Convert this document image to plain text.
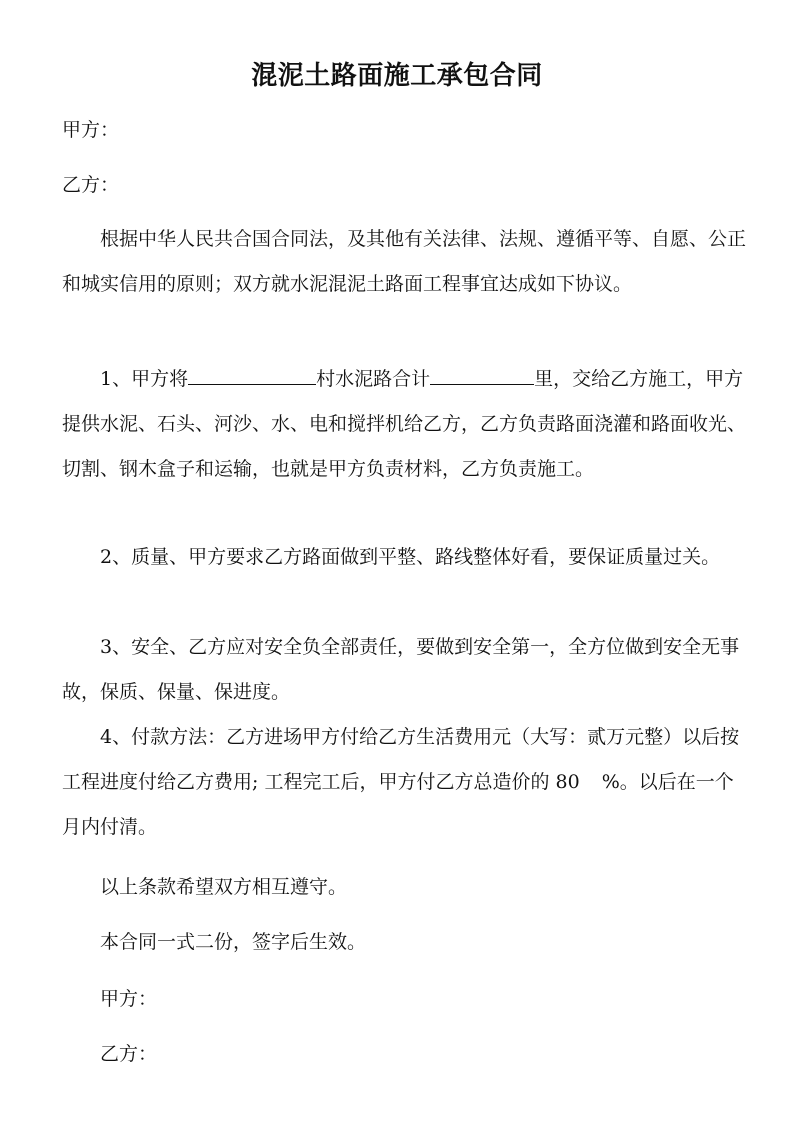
混泥土路面施工承包合同
甲方：
乙方：
根据中华人民共合国合同法，及其他有关法律、法规、遵循平等、自愿、公正和城实信用的原则；双方就水泥混泥土路面工程事宜达成如下协议。
1、甲方将	村水泥路合计	里，交给乙方施工，甲方提供水泥、石头、河沙、水、电和搅拌机给乙方，乙方负责路面浇灌和路面收光、切割、钢木盒子和运输，也就是甲方负责材料，乙方负责施工。
2、质量、甲方要求乙方路面做到平整、路线整体好看，要保证质量过关。
3、安全、乙方应对安全负全部责任，要做到安全第一，全方位做到安全无事故，保质、保量、保进度。
4、付款方法：乙方进场甲方付给乙方生活费用元（大写：贰万元整）以后按工程进度付给乙方费用; 工程完工后，甲方付乙方总造价的 80 %。以后在一个月内付清。
以上条款希望双方相互遵守。
本合同一式二份，签字后生效。
甲方：
乙方：
